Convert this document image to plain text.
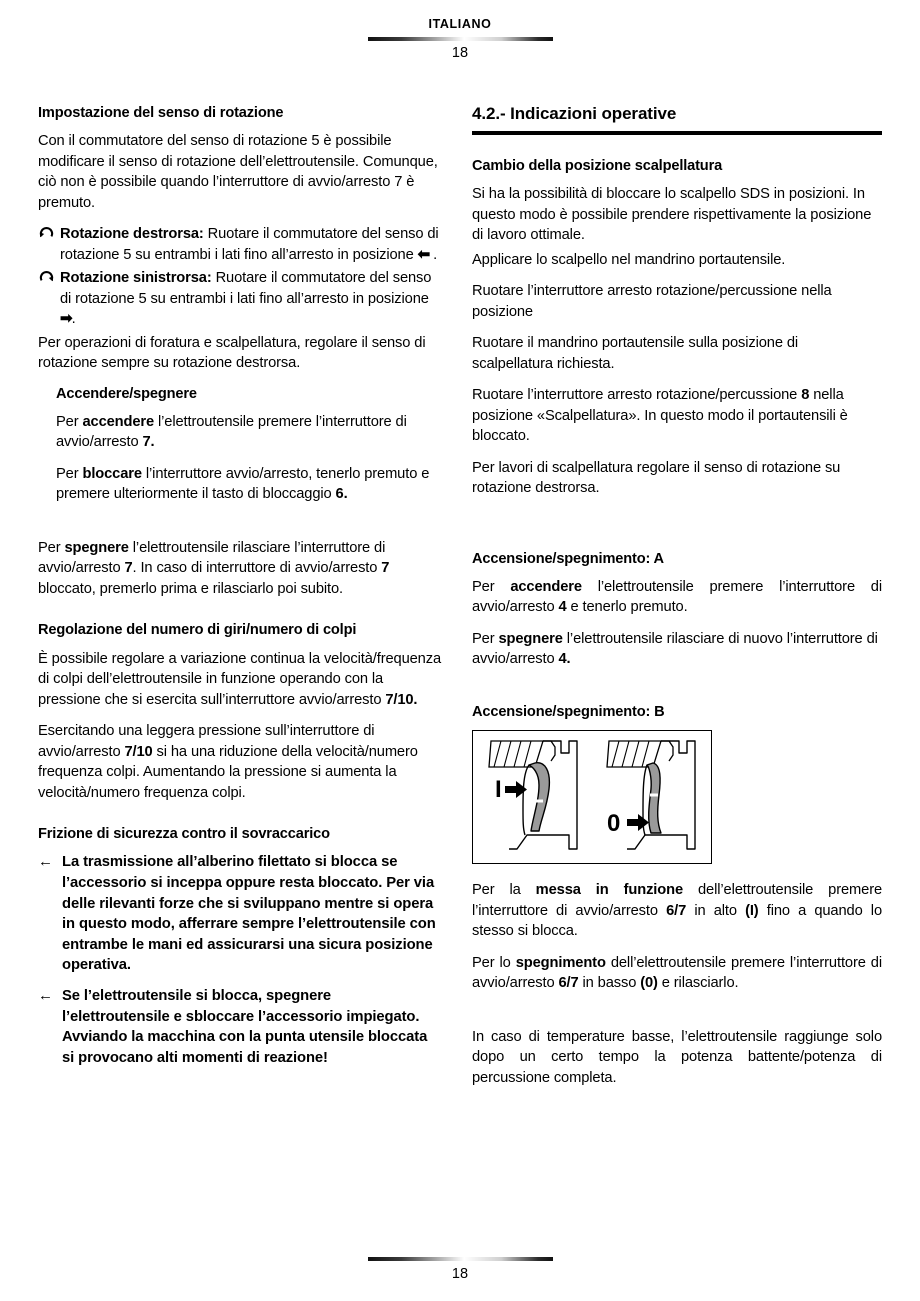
ITALIANO
18
Impostazione del senso di rotazione

Con il commutatore del senso di rotazione 5 è possibile modificare il senso di rotazione dell’elettroutensile. Comunque, ciò non è possibile quando l’interruttore di avvio/arresto 7 è premuto.

Rotazione destrorsa: Ruotare il commutatore del senso di rotazione 5 su entrambi i lati fino all’arresto in posizione ⬅ .
Rotazione sinistrorsa: Ruotare il commutatore del senso di rotazione 5 su entrambi i lati fino all’arresto in posizione ➡.

Per operazioni di foratura e scalpellatura, regolare il senso di rotazione sempre su rotazione destrorsa.

Accendere/spegnere

Per accendere l’elettroutensile premere l’interruttore di avvio/arresto 7.

Per bloccare l’interruttore avvio/arresto, tenerlo premuto e premere ulteriormente il tasto di bloccaggio 6.

Per spegnere l’elettroutensile rilasciare l’interruttore di avvio/arresto 7. In caso di interruttore di avvio/arresto 7 bloccato, premerlo prima e rilasciarlo poi subito.

Regolazione del numero di giri/numero di colpi

È possibile regolare a variazione continua la velocità/frequenza di colpi dell’elettroutensile in funzione operando con la pressione che si esercita sull’interruttore avvio/arresto 7/10.

Esercitando una leggera pressione sull’interruttore di avvio/arresto 7/10 si ha una riduzione della velocità/numero frequenza colpi. Aumentando la pressione si aumenta la velocità/numero frequenza colpi.

Frizione di sicurezza contro il sovraccarico
← La trasmissione all’alberino filettato si blocca se l’accessorio si inceppa oppure resta bloccato. Per via delle rilevanti forze che si sviluppano mentre si opera in questo modo, afferrare sempre l’elettroutensile con entrambe le mani ed assicurarsi una sicura posizione operativa.
← Se l’elettroutensile si blocca, spegnere l’elettroutensile e sbloccare l’accessorio impiegato. Avviando la macchina con la punta utensile bloccata si provocano alti momenti di reazione!
4.2.- Indicazioni operative
Cambio della posizione scalpellatura

Si ha la possibilità di bloccare lo scalpello SDS in posizioni. In questo modo è possibile prendere rispettivamente la posizione di lavoro ottimale.

Applicare lo scalpello nel mandrino portautensile.

Ruotare l’interruttore arresto rotazione/percussione nella posizione

Ruotare il mandrino portautensile sulla posizione di scalpellatura richiesta.

Ruotare l’interruttore arresto rotazione/percussione 8 nella posizione «Scalpellatura». In questo modo il portautensili è bloccato.

Per lavori di scalpellatura regolare il senso di rotazione su rotazione destrorsa.

Accensione/spegnimento: A

Per accendere l’elettroutensile premere l’interruttore di avvio/arresto 4 e tenerlo premuto.

Per spegnere l’elettroutensile rilasciare di nuovo l’interruttore di avvio/arresto 4.

Accensione/spegnimento: B
I
0

Per la messa in funzione dell’elettroutensile premere l’interruttore di avvio/arresto 6/7 in alto (I) fino a quando lo stesso si blocca.

Per lo spegnimento dell’elettroutensile premere l’interruttore di avvio/arresto 6/7 in basso (0) e rilasciarlo.

In caso di temperature basse, l’elettroutensile raggiunge solo dopo un certo tempo la potenza battente/potenza di percussione completa.

18
